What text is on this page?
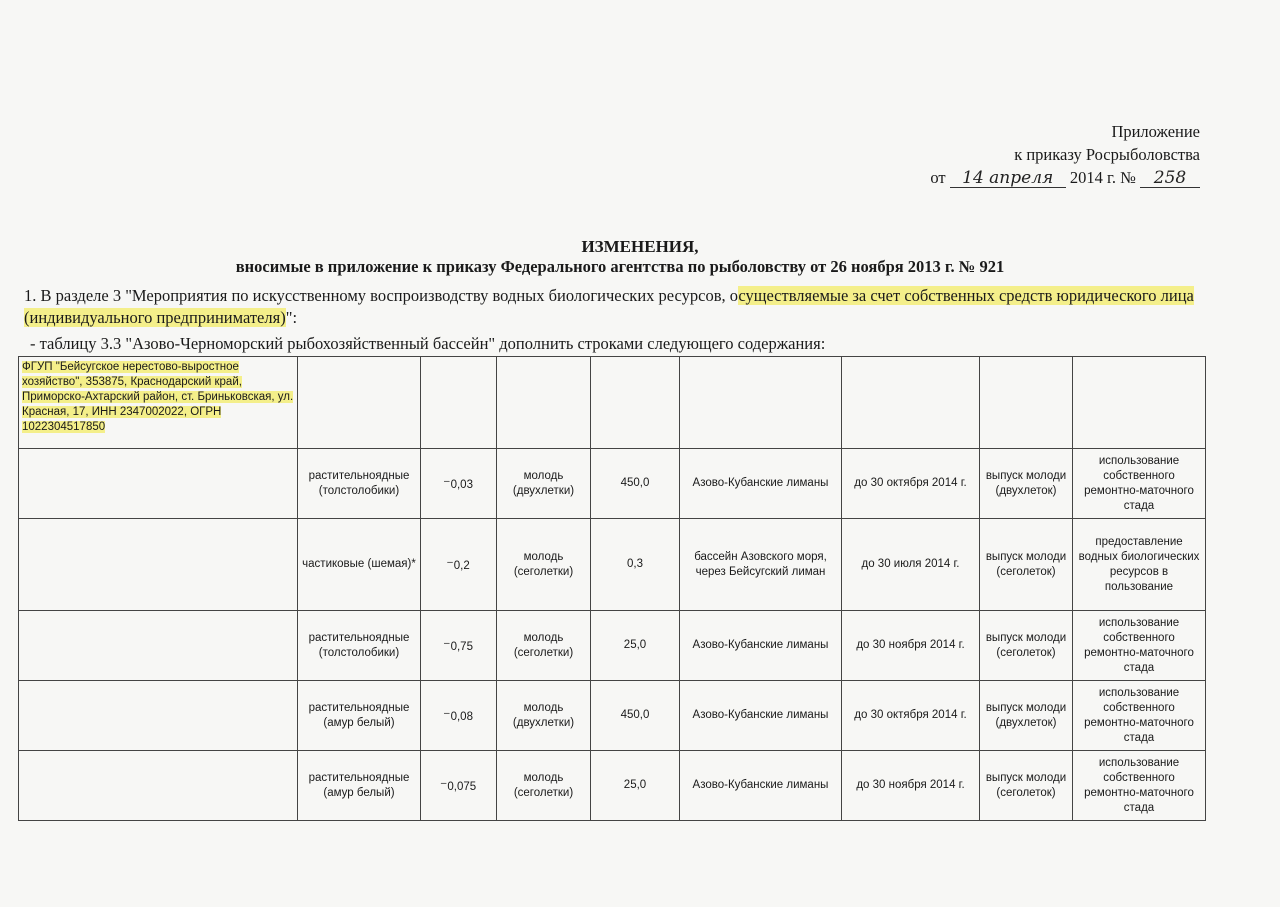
Приложение
к приказу Росрыболовства
от 14 апреля 2014 г. № 258
ИЗМЕНЕНИЯ,
вносимые в приложение к приказу Федерального агентства по рыболовству от 26 ноября 2013 г. № 921
1. В разделе 3 "Мероприятия по искусственному воспроизводству водных биологических ресурсов, осуществляемые за счет собственных средств юридического лица (индивидуального предпринимателя)":
- таблицу 3.3 "Азово-Черноморский рыбохозяйственный бассейн" дополнить строками следующего содержания:
ФГУП "Бейсугское нерестово-выростное хозяйство", 353875, Краснодарский край, Приморско-Ахтарский район, ст. Бриньковская, ул. Красная, 17, ИНН 2347002022, ОГРН 1022304517850								
	растительноядные (толстолобики)	‒0,03	молодь (двухлетки)	450,0	Азово-Кубанские лиманы	до 30 октября 2014 г.	выпуск молоди (двухлеток)	использование собственного ремонтно-маточного стада
	частиковые (шемая)*	‒0,2	молодь (сеголетки)	0,3	бассейн Азовского моря, через Бейсугский лиман	до 30 июля 2014 г.	выпуск молоди (сеголеток)	предоставление водных биологических ресурсов в пользование
	растительноядные (толстолобики)	‒0,75	молодь (сеголетки)	25,0	Азово-Кубанские лиманы	до 30 ноября 2014 г.	выпуск молоди (сеголеток)	использование собственного ремонтно-маточного стада
	растительноядные (амур белый)	‒0,08	молодь (двухлетки)	450,0	Азово-Кубанские лиманы	до 30 октября 2014 г.	выпуск молоди (двухлеток)	использование собственного ремонтно-маточного стада
	растительноядные (амур белый)	‒0,075	молодь (сеголетки)	25,0	Азово-Кубанские лиманы	до 30 ноября 2014 г.	выпуск молоди (сеголеток)	использование собственного ремонтно-маточного стада
